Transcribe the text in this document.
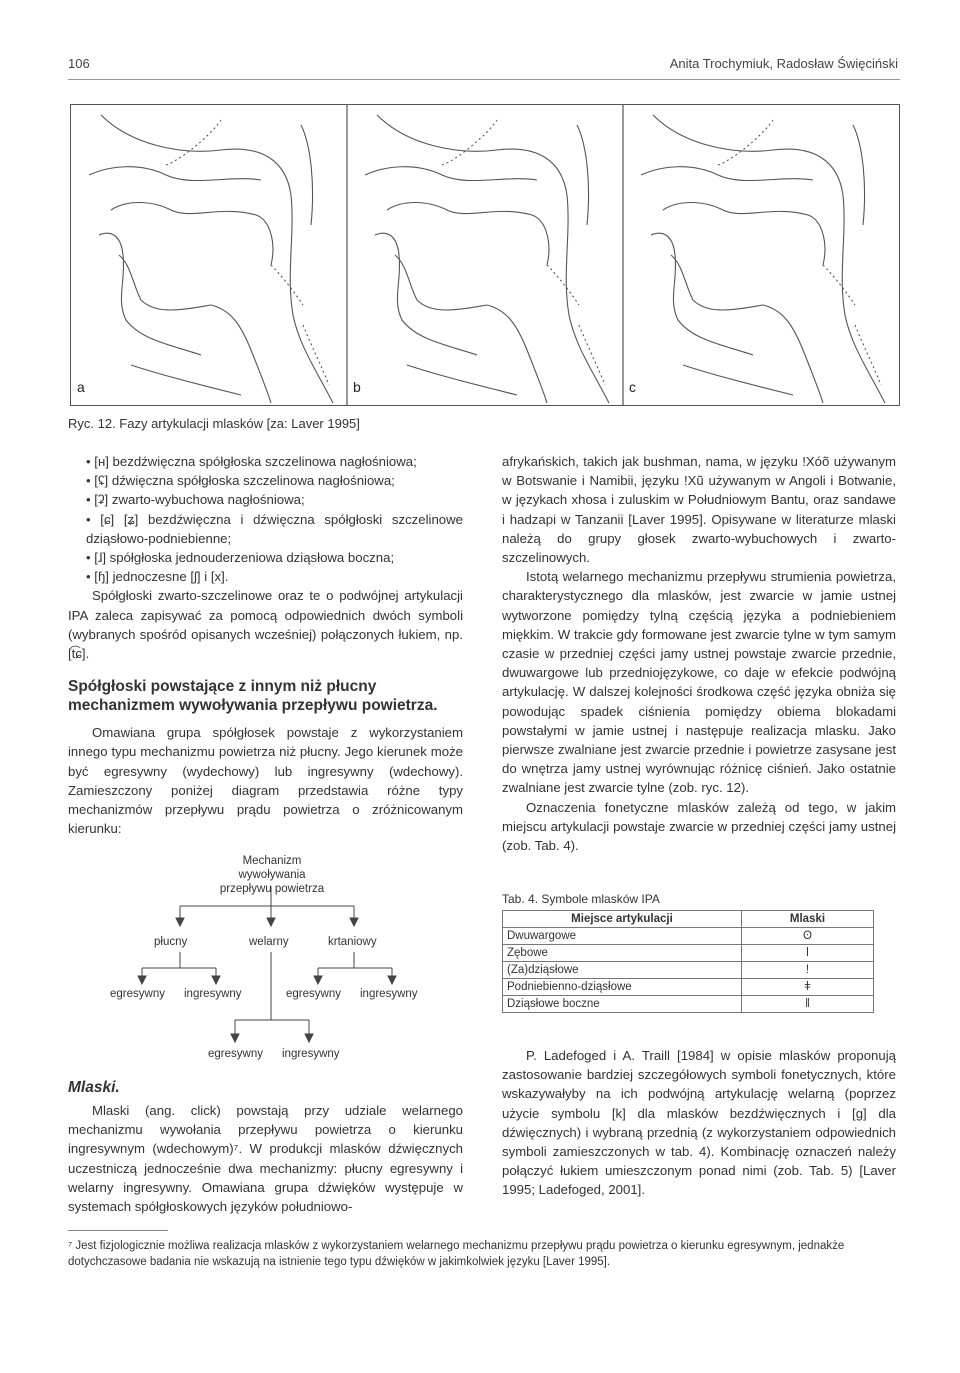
106	Anita Trochymiuk, Radosław Święciński
a	b	c
Ryc. 12. Fazy artykulacji mlasków [za: Laver 1995]
• [ʜ] bezdźwięczna spółgłoska szczelinowa nagłośniowa;
• [ʢ] dźwięczna spółgłoska szczelinowa nagłośniowa;
• [ʡ] zwarto-wybuchowa nagłośniowa;
• [ɕ] [ʑ] bezdźwięczna i dźwięczna spółgłoski szczelinowe dziąsłowo-podniebienne;
• [ɺ] spółgłoska jednouderzeniowa dziąsłowa boczna;
• [ɧ] jednoczesne [ʃ] i [x].

Spółgłoski zwarto-szczelinowe oraz te o podwójnej artykulacji IPA zaleca zapisywać za pomocą odpowiednich dwóch symboli (wybranych spośród opisanych wcześniej) połączonych łukiem, np. [t͡ɕ].

Spółgłoski powstające z innym niż płucny mechanizmem wywoływania przepływu powietrza.

Omawiana grupa spółgłosek powstaje z wykorzystaniem innego typu mechanizmu powietrza niż płucny. Jego kierunek może być egresywny (wydechowy) lub ingresywny (wdechowy). Zamieszczony poniżej diagram przedstawia różne typy mechanizmów przepływu prądu powietrza o zróżnicowanym kierunku:

Mechanizm wywoływania przepływu powietrza
płucny	welarny	krtaniowy
egresywny ingresywny	egresywny ingresywny
egresywny ingresywny

Mlaski.

Mlaski (ang. click) powstają przy udziale welarnego mechanizmu wywołania przepływu powietrza o kierunku ingresywnym (wdechowym)⁷. W produkcji mlasków dźwięcznych uczestniczą jednocześnie dwa mechanizmy: płucny egresywny i welarny ingresywny. Omawiana grupa dźwięków występuje w systemach spółgłoskowych języków południowo-

afrykańskich, takich jak bushman, nama, w języku !Xóõ używanym w Botswanie i Namibii, języku !Xũ używanym w Angoli i Botwanie, w językach xhosa i zuluskim w Południowym Bantu, oraz sandawe i hadzapi w Tanzanii [Laver 1995]. Opisywane w literaturze mlaski należą do grupy głosek zwarto-wybuchowych i zwarto-szczelinowych.

Istotą welarnego mechanizmu przepływu strumienia powietrza, charakterystycznego dla mlasków, jest zwarcie w jamie ustnej wytworzone pomiędzy tylną częścią języka a podniebieniem miękkim. W trakcie gdy formowane jest zwarcie tylne w tym samym czasie w przedniej części jamy ustnej powstaje zwarcie przednie, dwuwargowe lub przedniojęzykowe, co daje w efekcie podwójną artykulację. W dalszej kolejności środkowa część języka obniża się powodując spadek ciśnienia pomiędzy obiema blokadami powstałymi w jamie ustnej i następuje realizacja mlasku. Jako pierwsze zwalniane jest zwarcie przednie i powietrze zasysane jest do wnętrza jamy ustnej wyrównując różnicę ciśnień. Jako ostatnie zwalniane jest zwarcie tylne (zob. ryc. 12).

Oznaczenia fonetyczne mlasków zależą od tego, w jakim miejscu artykulacji powstaje zwarcie w przedniej części jamy ustnej (zob. Tab. 4).

Tab. 4. Symbole mlasków IPA
Miejsce artykulacji	Mlaski
Dwuwargowe	ʘ
Zębowe	ǀ
(Za)dziąsłowe	!
Podniebienno-dziąsłowe	ǂ
Dziąsłowe boczne	ǁ

P. Ladefoged i A. Traill [1984] w opisie mlasków proponują zastosowanie bardziej szczegółowych symboli fonetycznych, które wskazywałyby na ich podwójną artykulację welarną (poprzez użycie symbolu [k] dla mlasków bezdźwięcznych i [g] dla dźwięcznych) i wybraną przednią (z wykorzystaniem odpowiednich symboli zamieszczonych w tab. 4). Kombinację oznaczeń należy połączyć łukiem umieszczonym ponad nimi (zob. Tab. 5) [Laver 1995; Ladefoged, 2001].

⁷ Jest fizjologicznie możliwa realizacja mlasków z wykorzystaniem welarnego mechanizmu przepływu prądu powietrza o kierunku egresywnym, jednakże dotychczasowe badania nie wskazują na istnienie tego typu dźwięków w jakimkolwiek języku [Laver 1995].
